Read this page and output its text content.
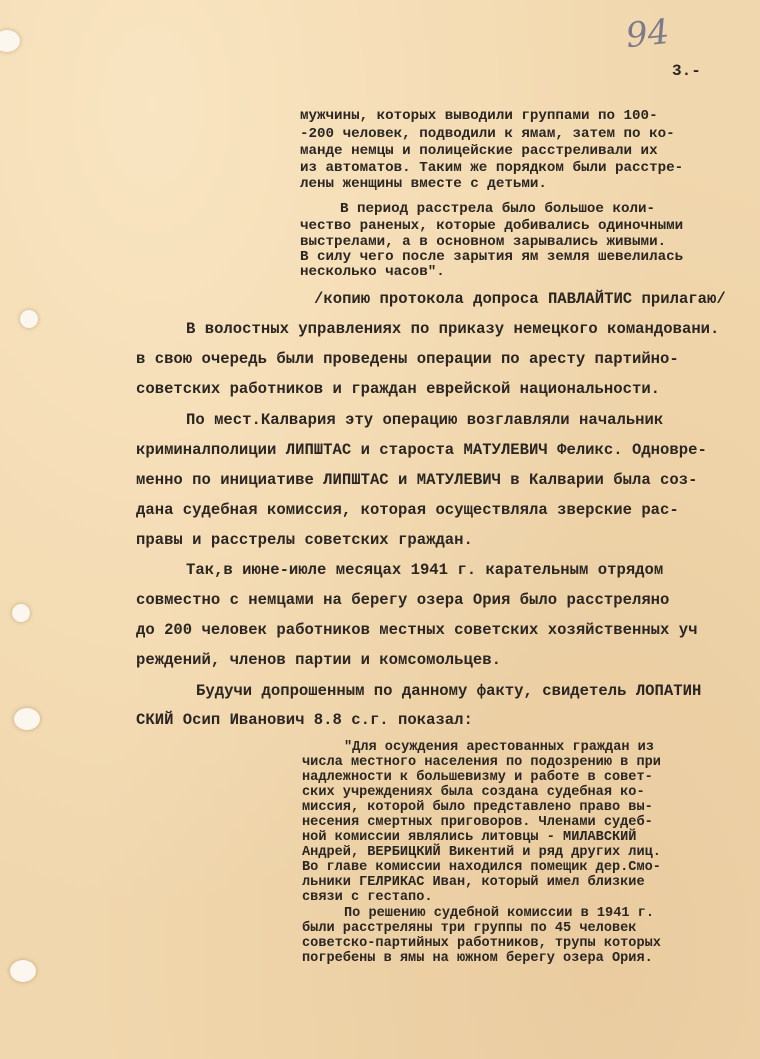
94
3.-
мужчины, которых выводили группами по 100-
-200 человек, подводили к ямам, затем по ко-
манде немцы и полицейские расстреливали их
из автоматов. Таким же порядком были расстре-
лены женщины вместе с детьми.
В период расстрела было большое коли-
чество раненых, которые добивались одиночными
выстрелами, а в основном зарывались живыми.
В силу чего после зарытия ям земля шевелилась
несколько часов".
/копию протокола допроса ПАВЛАЙТИС прилагаю/
В волостных управлениях по приказу немецкого командовани.
в свою очередь были проведены операции по аресту партийно-
советских работников и граждан еврейской национальности.
По мест.Калвария эту операцию возглавляли начальник
криминалполиции ЛИПШТАС и староста МАТУЛЕВИЧ Феликс. Одновре-
менно по инициативе ЛИПШТАС и МАТУЛЕВИЧ в Калварии была соз-
дана судебная комиссия, которая осуществляла зверские рас-
правы и расстрелы советских граждан.
Так,в июне-июле месяцах 1941 г. карательным отрядом
совместно с немцами на берегу озера Ория было расстреляно
до 200 человек работников местных советских хозяйственных уч
реждений, членов партии и комсомольцев.
Будучи допрошенным по данному факту, свидетель ЛОПАТИН
СКИЙ Осип Иванович 8.8 с.г. показал:
"Для осуждения арестованных граждан из
числа местного населения по подозрению в при
надлежности к большевизму и работе в совет-
ских учреждениях была создана судебная ко-
миссия, которой было представлено право вы-
несения смертных приговоров. Членами судеб-
ной комиссии являлись литовцы - МИЛАВСКИЙ
Андрей, ВЕРБИЦКИЙ Викентий и ряд других лиц.
Во главе комиссии находился помещик дер.Смо-
льники ГЕЛРИКАС Иван, который имел близкие
связи с гестапо.
По решению судебной комиссии в 1941 г.
были расстреляны три группы по 45 человек
советско-партийных работников, трупы которых
погребены в ямы на южном берегу озера Ория.
